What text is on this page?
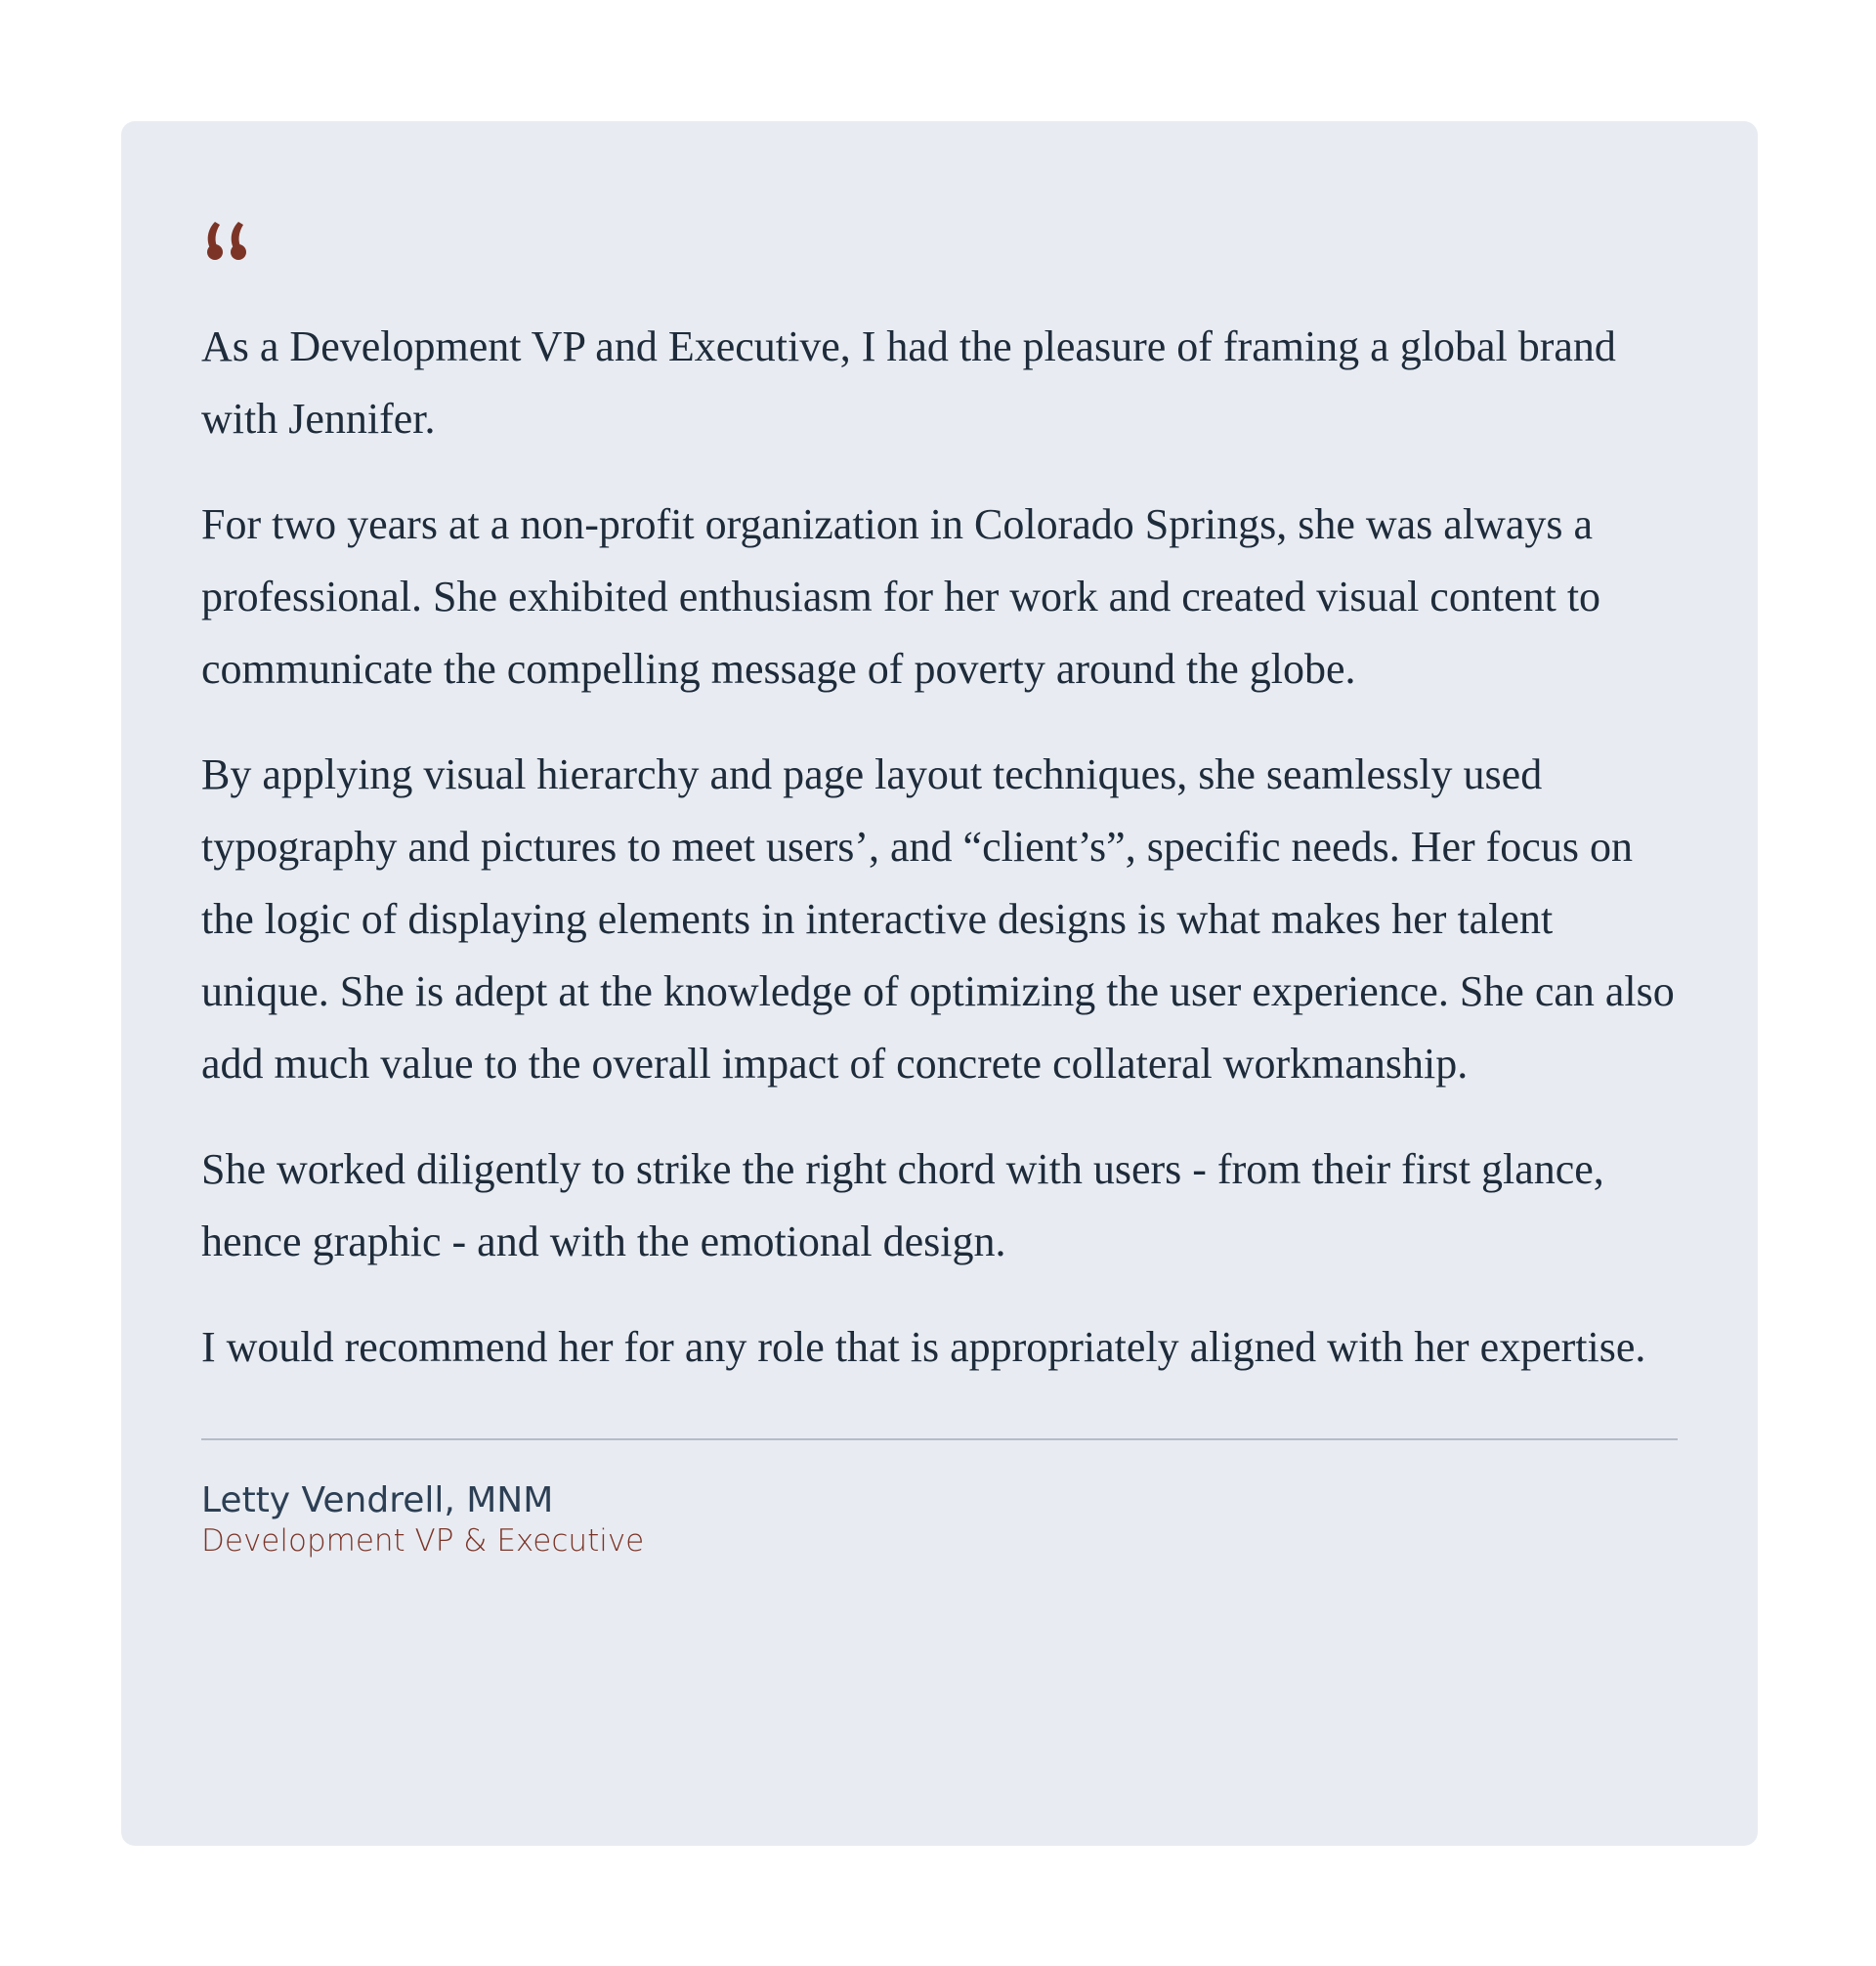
As a Development VP and Executive, I had the pleasure of framing a global brand with Jennifer.

For two years at a non-profit organization in Colorado Springs, she was always a professional. She exhibited enthusiasm for her work and created visual content to communicate the compelling message of poverty around the globe.

By applying visual hierarchy and page layout techniques, she seamlessly used typography and pictures to meet users’, and “client’s”, specific needs. Her focus on the logic of displaying elements in interactive designs is what makes her talent unique. She is adept at the knowledge of optimizing the user experience. She can also add much value to the overall impact of concrete collateral workmanship.

She worked diligently to strike the right chord with users - from their first glance, hence graphic - and with the emotional design.

I would recommend her for any role that is appropriately aligned with her expertise.

Letty Vendrell, MNM
Development VP & Executive
